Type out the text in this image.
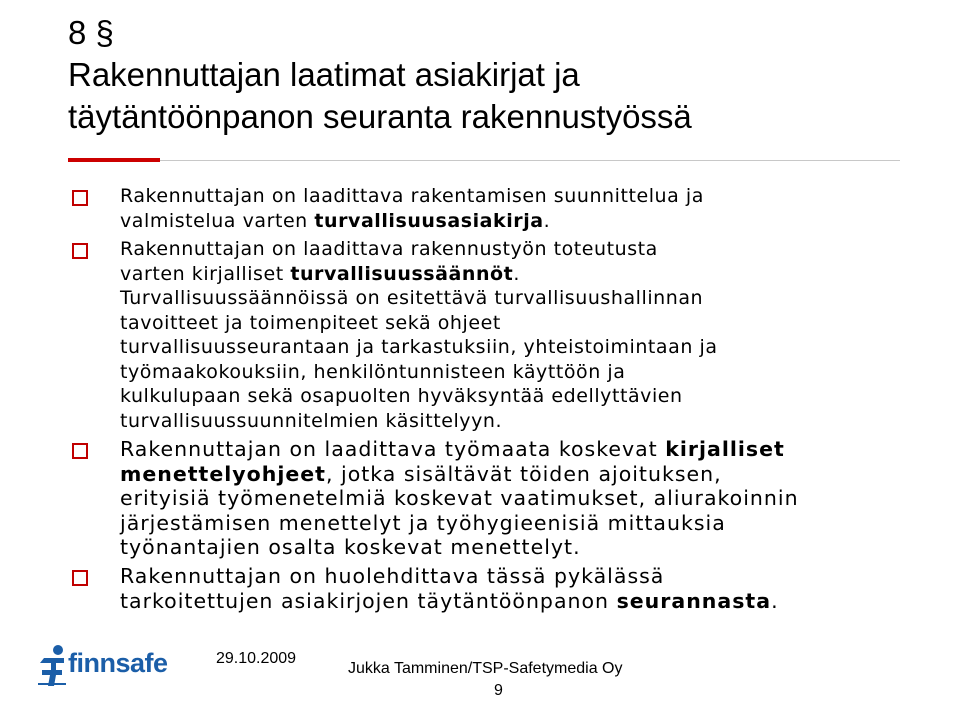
8 §
Rakennuttajan laatimat asiakirjat ja
täytäntöönpanon seuranta rakennustyössä

Rakennuttajan on laadittava rakentamisen suunnittelua ja
valmistelua varten turvallisuusasiakirja.

Rakennuttajan on laadittava rakennustyön toteutusta
varten kirjalliset turvallisuussäännöt.
Turvallisuussäännöissä on esitettävä turvallisuushallinnan
tavoitteet ja toimenpiteet sekä ohjeet
turvallisuusseurantaan ja tarkastuksiin, yhteistoimintaan ja
työmaakokouksiin, henkilöntunnisteen käyttöön ja
kulkulupaan sekä osapuolten hyväksyntää edellyttävien
turvallisuussuunnitelmien käsittelyyn.

Rakennuttajan on laadittava työmaata koskevat kirjalliset
menettelyohjeet, jotka sisältävät töiden ajoituksen,
erityisiä työmenetelmiä koskevat vaatimukset, aliurakoinnin
järjestämisen menettelyt ja työhygieenisiä mittauksia
työnantajien osalta koskevat menettelyt.

Rakennuttajan on huolehdittava tässä pykälässä
tarkoitettujen asiakirjojen täytäntöönpanon seurannasta.

finnsafe	29.10.2009
Jukka Tamminen/TSP-Safetymedia Oy
9
